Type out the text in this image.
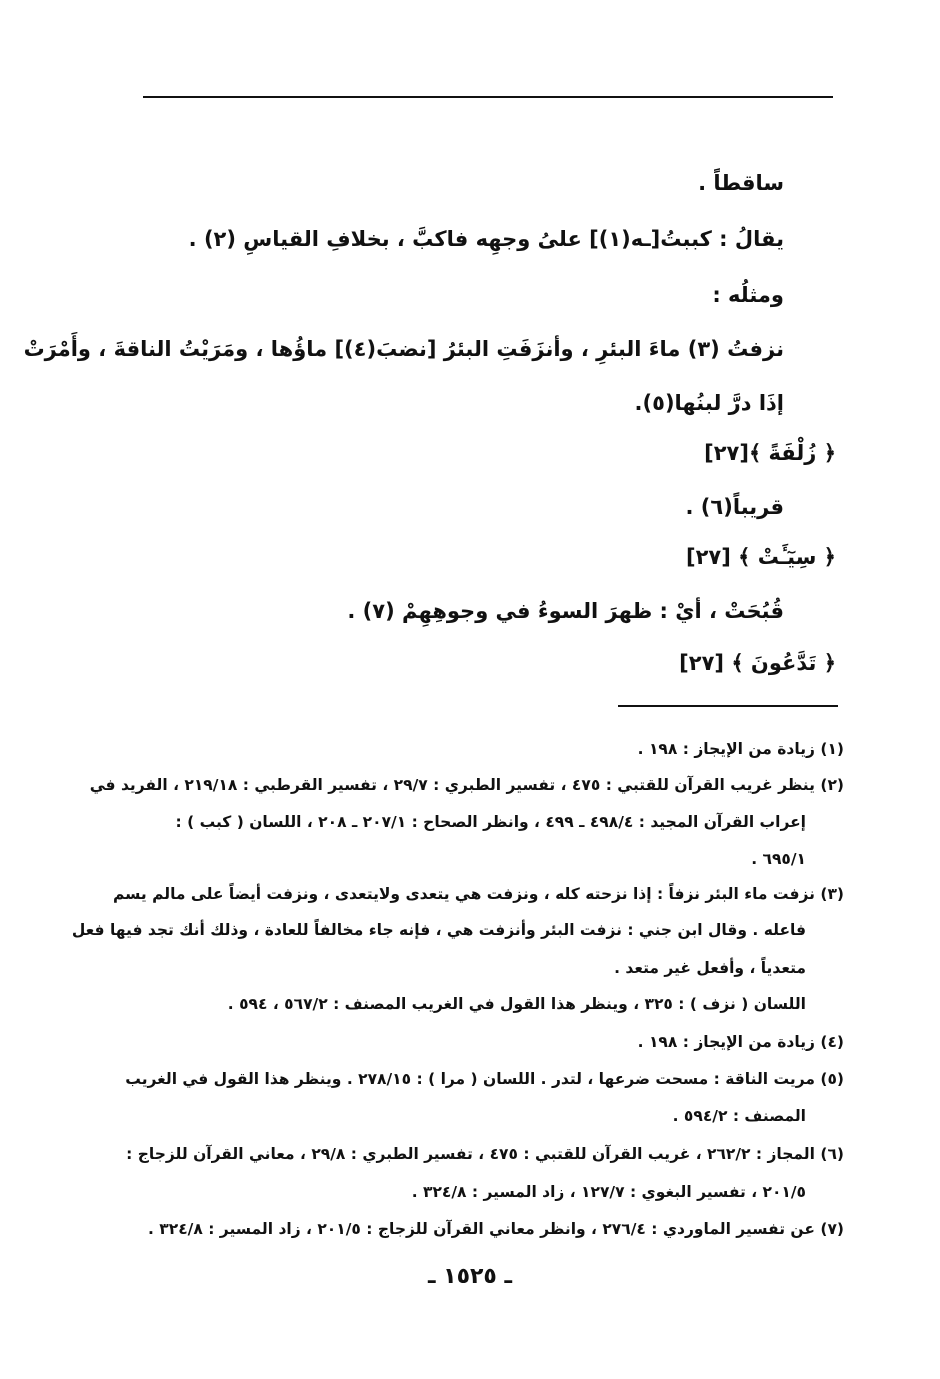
ساقطاً .
يقالُ : كببتُ[ـه(١)] علىُ وجهِه فاكبَّ ، بخلافِ القياسِ (٢) .
ومثلُه :
نزفتُ (٣) ماءَ البئرِ ، وأنزَفَتِ البئرُ [نضبَ(٤)] ماؤُها ، ومَرَيْتُ الناقةَ ، وأَمْرَتْ
إذَا درَّ لبنُها(٥).
﴿ زُلْفَةً ﴾[٢٧]
قريباً(٦) .
﴿ سِيٓـَٔتْ ﴾ [٢٧]
قُبُحَتْ ، أيْ : ظهرَ السوءُ في وجوهِهِمْ (٧) .
﴿ تَدَّعُونَ ﴾ [٢٧]
(١) زيادة من الإيجاز : ١٩٨ .
(٢) ينظر غريب القرآن للقتبي : ٤٧٥ ، تفسير الطبري : ٢٩/٧ ، تفسير القرطبي : ٢١٩/١٨ ، الفريد في
إعراب القرآن المجيد : ٤٩٨/٤ ـ ٤٩٩ ، وانظر الصحاح : ٢٠٧/١ ـ ٢٠٨ ، اللسان ( كبب ) :
٦٩٥/١ .
(٣) نزفت ماء البئر نزفاً : إذا نزحته كله ، ونزفت هي يتعدى ولايتعدى ، ونزفت أيضاً على مالم يسم
فاعله . وقال ابن جني : نزفت البئر وأنزفت هي ، فإنه جاء مخالفاً للعادة ، وذلك أنك تجد فيها فعل
متعدياً ، وأفعل غير متعد .
اللسان ( نزف ) : ٣٢٥ ، وينظر هذا القول في الغريب المصنف : ٥٦٧/٢ ، ٥٩٤ .
(٤) زيادة من الإيجاز : ١٩٨ .
(٥) مريت الناقة : مسحت ضرعها ، لتدر . اللسان ( مرا ) : ٢٧٨/١٥ . وينظر هذا القول في الغريب
المصنف : ٥٩٤/٢ .
(٦) المجاز : ٢٦٢/٢ ، غريب القرآن للقتبي : ٤٧٥ ، تفسير الطبري : ٢٩/٨ ، معاني القرآن للزجاج :
٢٠١/٥ ، تفسير البغوي : ١٢٧/٧ ، زاد المسير : ٣٢٤/٨ .
(٧) عن تفسير الماوردي : ٢٧٦/٤ ، وانظر معاني القرآن للزجاج : ٢٠١/٥ ، زاد المسير : ٣٢٤/٨ .
ـ ١٥٢٥ ـ
